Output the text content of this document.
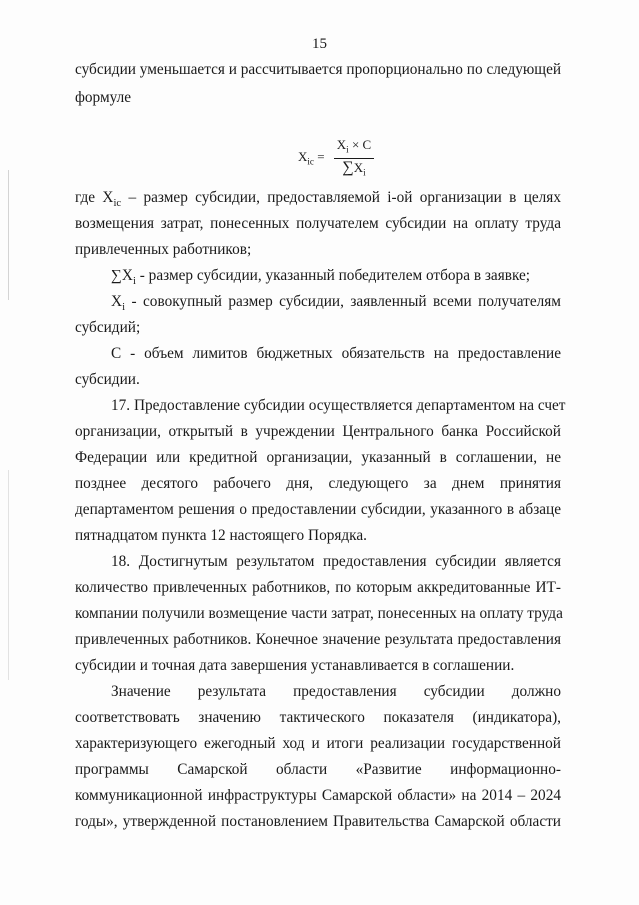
15
субсидии уменьшается и рассчитывается пропорционально по следующей
формуле
$X_{ic} = \frac{X_i \times C}{\sum X_i}$
где $X_{ic}$ – размер субсидии, предоставляемой i-ой организации в целях
возмещения затрат, понесенных получателем субсидии на оплату труда
привлеченных работников;
$\sum X_i$ - размер субсидии, указанный победителем отбора в заявке;
$X_i$ - совокупный размер субсидии, заявленный всеми получателям
субсидий;
С - объем лимитов бюджетных обязательств на предоставление
субсидии.
17. Предоставление субсидии осуществляется департаментом на счет
организации, открытый в учреждении Центрального банка Российской
Федерации или кредитной организации, указанный в соглашении, не
позднее десятого рабочего дня, следующего за днем принятия
департаментом решения о предоставлении субсидии, указанного в абзаце
пятнадцатом пункта 12 настоящего Порядка.
18. Достигнутым результатом предоставления субсидии является
количество привлеченных работников, по которым аккредитованные ИТ-
компании получили возмещение части затрат, понесенных на оплату труда
привлеченных работников. Конечное значение результата предоставления
субсидии и точная дата завершения устанавливается в соглашении.
Значение результата предоставления субсидии должно
соответствовать значению тактического показателя (индикатора),
характеризующего ежегодный ход и итоги реализации государственной
программы Самарской области «Развитие информационно-
коммуникационной инфраструктуры Самарской области» на 2014 – 2024
годы», утвержденной постановлением Правительства Самарской области
